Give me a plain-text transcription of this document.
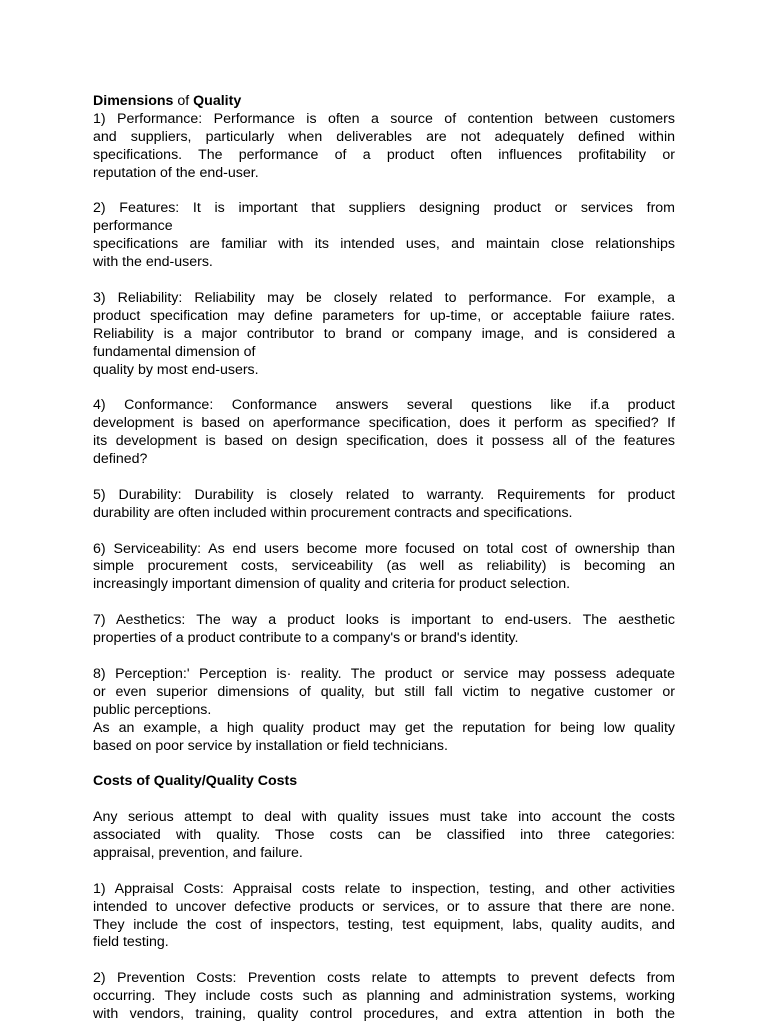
Dimensions of Quality
1) Performance: Performance is often a source of contention between customers
and suppliers, particularly when deliverables are not adequately defined within
specifications. The performance of a product often influences profitability or
reputation of the end-user.
2) Features: It is important that suppliers designing product or services from
performance
specifications are familiar with its intended uses, and maintain close relationships
with the end-users.
3) Reliability: Reliability may be closely related to performance. For example, a
product specification may define parameters for up-time, or acceptable faiiure rates.
Reliability is a major contributor to brand or company image, and is considered a
fundamental dimension of
quality by most end-users.
4) Conformance: Conformance answers several questions like if.a product
development is based on aperformance specification, does it perform as specified? If
its development is based on design specification, does it possess all of the features
defined?
5) Durability: Durability is closely related to warranty. Requirements for product
durability are often included within procurement contracts and specifications.
6) Serviceability: As end users become more focused on total cost of ownership than
simple procurement costs, serviceability (as well as reliability) is becoming an
increasingly important dimension of quality and criteria for product selection.
7) Aesthetics: The way a product looks is important to end-users. The aesthetic
properties of a product contribute to a company's or brand's identity.
8) Perception:' Perception is· reality. The product or service may possess adequate
or even superior dimensions of quality, but still fall victim to negative customer or
public perceptions.
As an example, a high quality product may get the reputation for being low quality
based on poor service by installation or field technicians.
Costs of Quality/Quality Costs
Any serious attempt to deal with quality issues must take into account the costs
associated with quality. Those costs can be classified into three categories:
appraisal, prevention, and failure.
1) Appraisal Costs: Appraisal costs relate to inspection, testing, and other activities
intended to uncover defective products or services, or to assure that there are none.
They include the cost of inspectors, testing, test equipment, labs, quality audits, and
field testing.
2) Prevention Costs: Prevention costs relate to attempts to prevent defects from
occurring. They include costs such as planning and administration systems, working
with vendors, training, quality control procedures, and extra attention in both the
